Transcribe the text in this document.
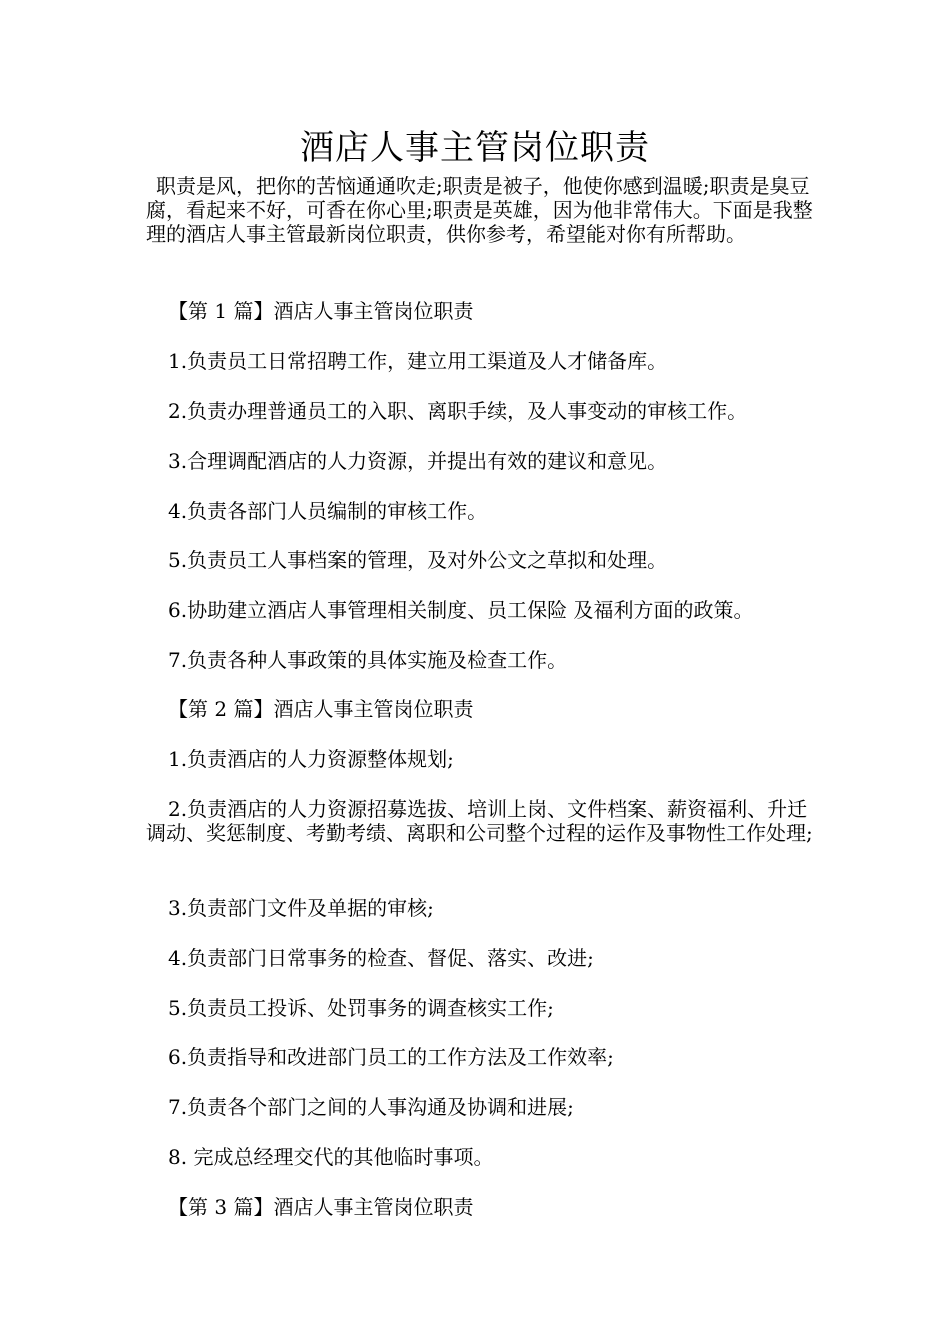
酒店人事主管岗位职责
职责是风，把你的苦恼通通吹走;职责是被子，他使你感到温暖;职责是臭豆腐，看起来不好，可香在你心里;职责是英雄，因为他非常伟大。下面是我整理的酒店人事主管最新岗位职责，供你参考，希望能对你有所帮助。
【第 1 篇】酒店人事主管岗位职责
1.负责员工日常招聘工作，建立用工渠道及人才储备库。
2.负责办理普通员工的入职、离职手续，及人事变动的审核工作。
3.合理调配酒店的人力资源，并提出有效的建议和意见。
4.负责各部门人员编制的审核工作。
5.负责员工人事档案的管理，及对外公文之草拟和处理。
6.协助建立酒店人事管理相关制度、员工保险 及福利方面的政策。
7.负责各种人事政策的具体实施及检查工作。
【第 2 篇】酒店人事主管岗位职责
1.负责酒店的人力资源整体规划;
2.负责酒店的人力资源招募选拔、培训上岗、文件档案、薪资福利、升迁调动、奖惩制度、考勤考绩、离职和公司整个过程的运作及事物性工作处理;
3.负责部门文件及单据的审核;
4.负责部门日常事务的检查、督促、落实、改进;
5.负责员工投诉、处罚事务的调查核实工作;
6.负责指导和改进部门员工的工作方法及工作效率;
7.负责各个部门之间的人事沟通及协调和进展;
8. 完成总经理交代的其他临时事项。
【第 3 篇】酒店人事主管岗位职责
